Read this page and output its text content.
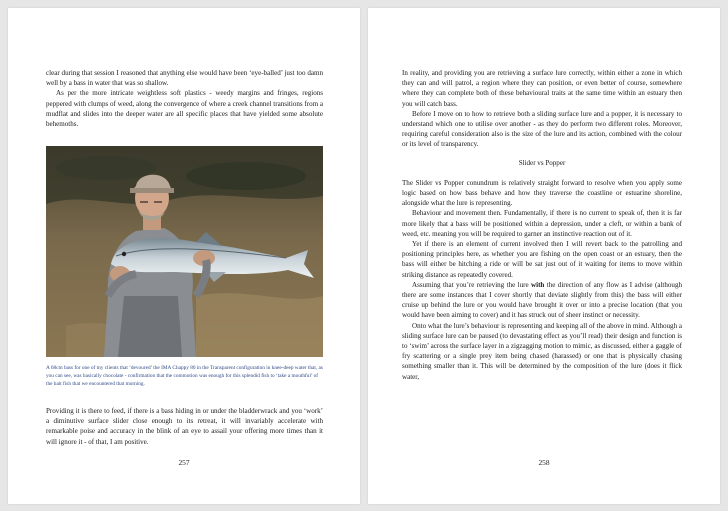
clear during that session I reasoned that anything else would have been ‘eye-balled’ just too damn well by a bass in water that was so shallow.

As per the more intricate weightless soft plastics - weedy margins and fringes, regions peppered with clumps of weed, along the convergence of where a creek channel transitions from a mudflat and slides into the deeper water are all specific places that have yielded some absolute behemoths.

A 68cm bass for one of my clients that ‘devoured’ the IMA Chappy 80 in the Transparent configuration in knee-deep water that, as you can see, was basically chocolate - confirmation that the commotion was enough for this splendid fish to ‘take a mouthful’ of the bait fish that we encountered that morning.

Providing it is there to feed, if there is a bass hiding in or under the bladderwrack and you ‘work’ a diminutive surface slider close enough to its retreat, it will invariably accelerate with remarkable poise and accuracy in the blink of an eye to assail your offering more times than it will ignore it - of that, I am positive.

257

In reality, and providing you are retrieving a surface lure correctly, within either a zone in which they can and will patrol, a region where they can position, or even better of course, somewhere where they can complete both of these behavioural traits at the same time within an estuary then you will catch bass.

Before I move on to how to retrieve both a sliding surface lure and a popper, it is necessary to understand which one to utilise over another - as they do perform two different roles. Moreover, requiring careful consideration also is the size of the lure and its action, combined with the colour or its level of transparency.

Slider vs Popper

The Slider vs Popper conundrum is relatively straight forward to resolve when you apply some logic based on how bass behave and how they traverse the coastline or estuarine shoreline, alongside what the lure is representing.

Behaviour and movement then. Fundamentally, if there is no current to speak of, then it is far more likely that a bass will be positioned within a depression, under a cleft, or within a bank of weed, etc. meaning you will be required to garner an instinctive reaction out of it.

Yet if there is an element of current involved then I will revert back to the patrolling and positioning principles here, as whether you are fishing on the open coast or an estuary, then the bass will either be hitching a ride or will be sat just out of it waiting for items to move within striking distance as repeatedly covered.

Assuming that you’re retrieving the lure with the direction of any flow as I advise (although there are some instances that I cover shortly that deviate slightly from this) the bass will either cruise up behind the lure or you would have brought it over or into a precise location (that you would have been aiming to cover) and it has struck out of sheer instinct or necessity.

Onto what the lure’s behaviour is representing and keeping all of the above in mind. Although a sliding surface lure can be paused (to devastating effect as you’ll read) their design and function is to ‘swim’ across the surface layer in a zigzagging motion to mimic, as discussed, either a gaggle of fry scattering or a single prey item being chased (harassed) or one that is physically chasing something smaller than it. This will be determined by the composition of the lure (does it flick water,

258
